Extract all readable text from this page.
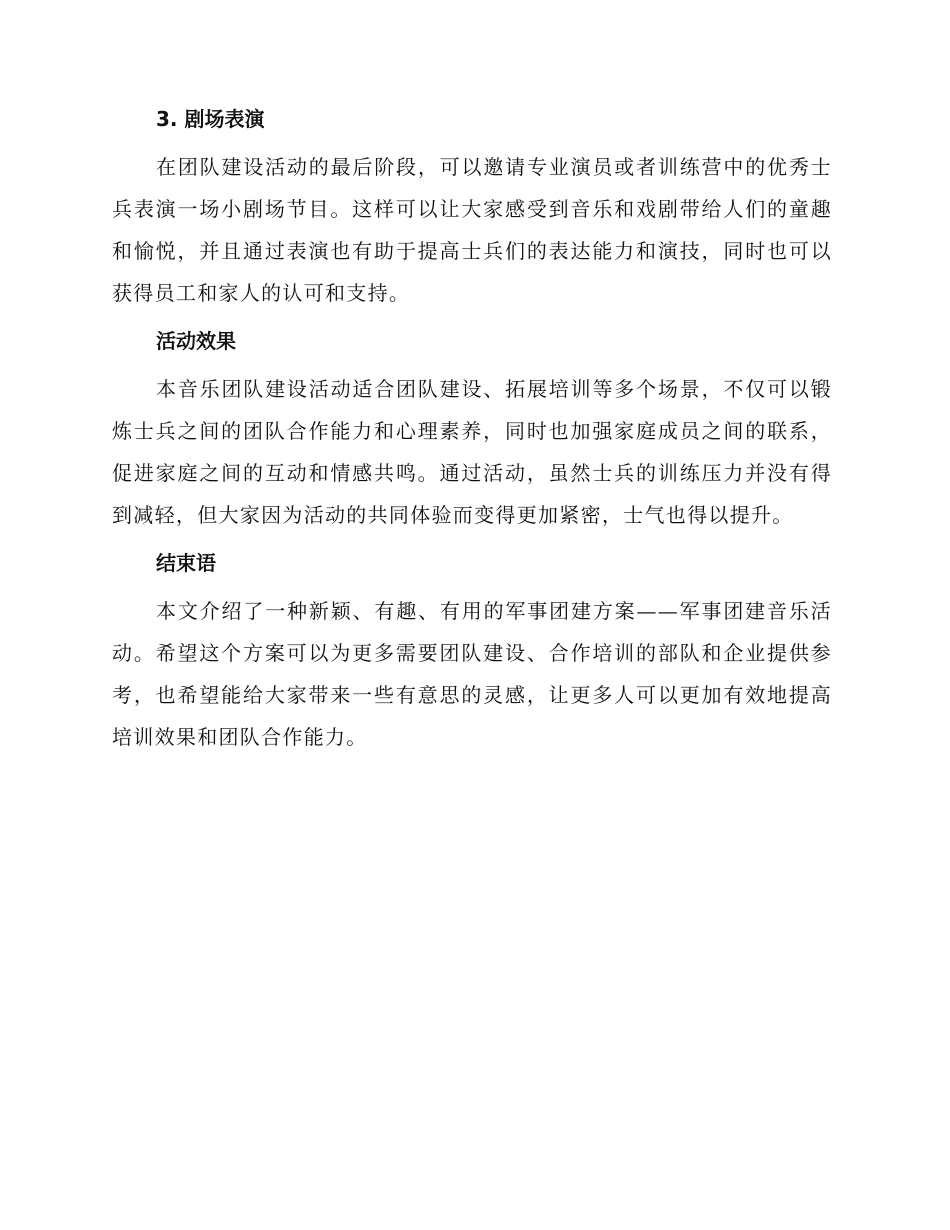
3. 剧场表演

在团队建设活动的最后阶段，可以邀请专业演员或者训练营中的优秀士兵表演一场小剧场节目。这样可以让大家感受到音乐和戏剧带给人们的童趣和愉悦，并且通过表演也有助于提高士兵们的表达能力和演技，同时也可以获得员工和家人的认可和支持。

活动效果

本音乐团队建设活动适合团队建设、拓展培训等多个场景，不仅可以锻炼士兵之间的团队合作能力和心理素养，同时也加强家庭成员之间的联系，促进家庭之间的互动和情感共鸣。通过活动，虽然士兵的训练压力并没有得到减轻，但大家因为活动的共同体验而变得更加紧密，士气也得以提升。

结束语

本文介绍了一种新颖、有趣、有用的军事团建方案——军事团建音乐活动。希望这个方案可以为更多需要团队建设、合作培训的部队和企业提供参考，也希望能给大家带来一些有意思的灵感，让更多人可以更加有效地提高培训效果和团队合作能力。
